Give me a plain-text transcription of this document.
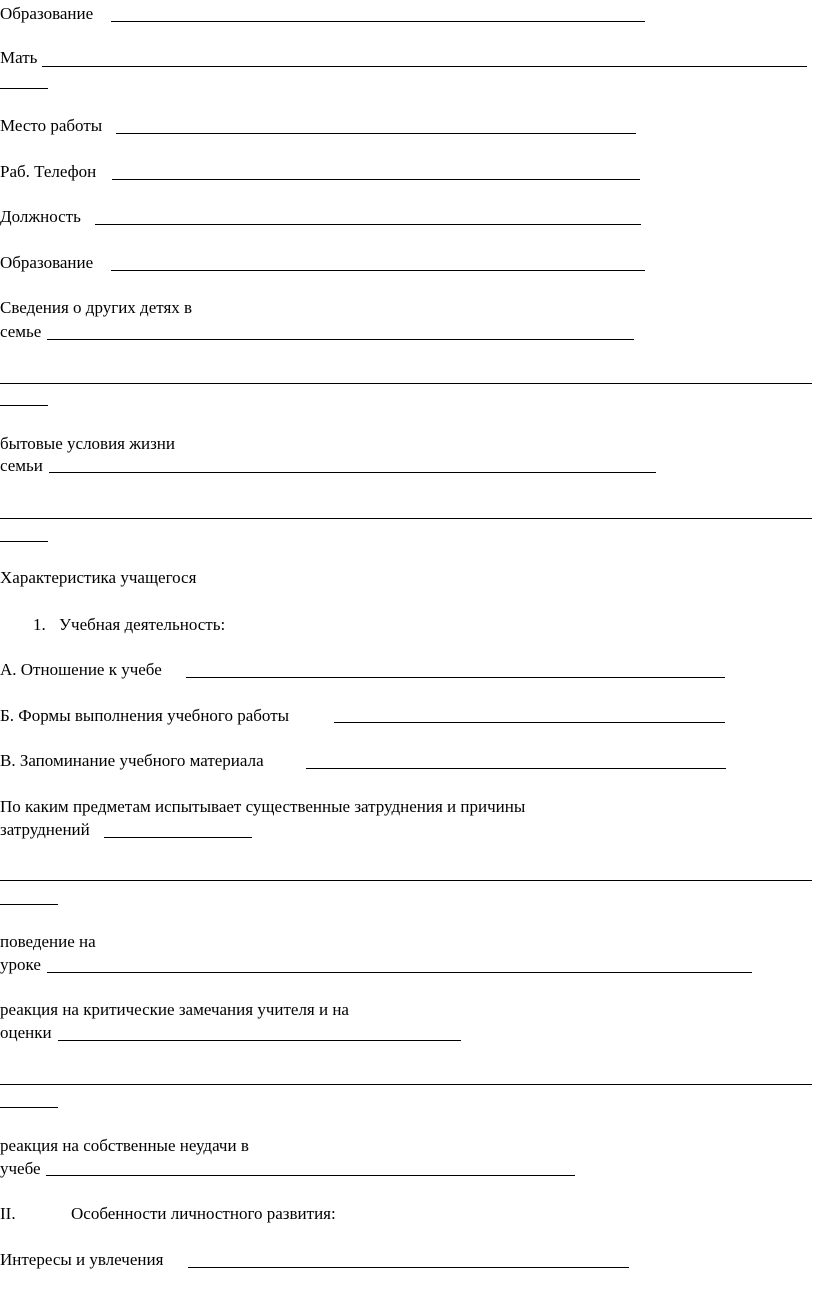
Образование
Мать
Место работы
Раб. Телефон
Должность
Образование
Сведения о других детях в
семье
бытовые условия жизни
семьи
Характеристика учащегося
1. Учебная деятельность:
А. Отношение к учебе
Б. Формы выполнения учебного работы
В. Запоминание учебного материала
По каким предметам испытывает существенные затруднения и причины
затруднений
поведение на
уроке
реакция на критические замечания учителя и на
оценки
реакция на собственные неудачи в
учебе
II.	Особенности личностного развития:
Интересы и увлечения
